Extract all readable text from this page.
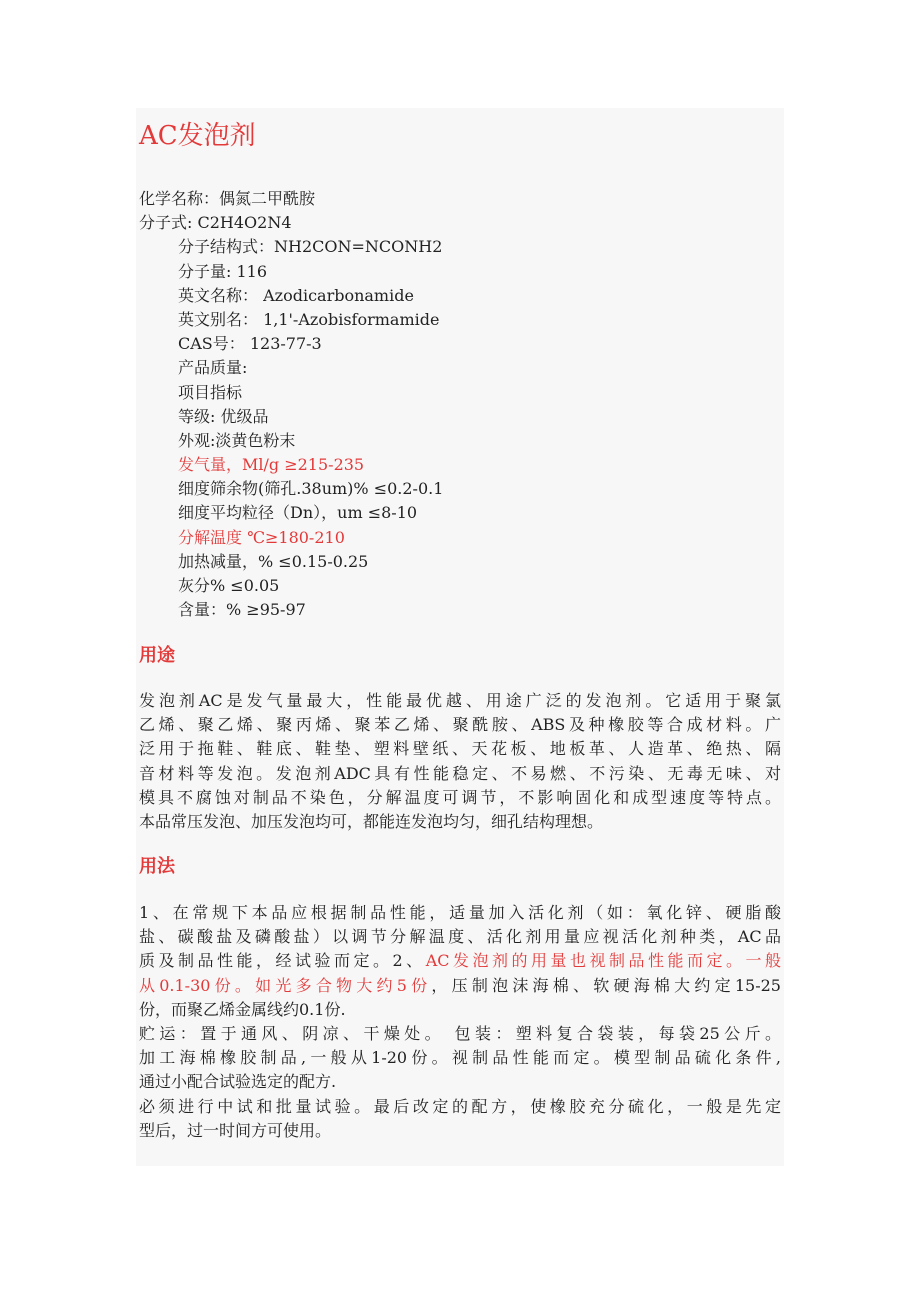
AC发泡剂
化学名称：偶氮二甲酰胺
分子式: C2H4O2N4
分子结构式：NH2CON=NCONH2
分子量: 116
英文名称： Azodicarbonamide
英文别名： 1,1'-Azobisformamide
CAS号： 123-77-3
产品质量:
项目指标
等级: 优级品
外观:淡黄色粉末
发气量，Ml/g ≥215-235
细度筛余物(筛孔.38um)% ≤0.2-0.1
细度平均粒径（Dn），um ≤8-10
分解温度 ℃≥180-210
加热减量，% ≤0.15-0.25
灰分% ≤0.05
含量：% ≥95-97
用途
发泡剂AC是发气量最大，性能最优越、用途广泛的发泡剂。它适用于聚氯
乙烯、聚乙烯、聚丙烯、聚苯乙烯、聚酰胺、ABS及种橡胶等合成材料。广
泛用于拖鞋、鞋底、鞋垫、塑料壁纸、天花板、地板革、人造革、绝热、隔
音材料等发泡。发泡剂ADC具有性能稳定、不易燃、不污染、无毒无味、对
模具不腐蚀对制品不染色，分解温度可调节，不影响固化和成型速度等特点。
本品常压发泡、加压发泡均可，都能连发泡均匀，细孔结构理想。
用法
1、在常规下本品应根据制品性能，适量加入活化剂（如：氧化锌、硬脂酸
盐、碳酸盐及磷酸盐）以调节分解温度、活化剂用量应视活化剂种类，AC品
质及制品性能，经试验而定。2、AC发泡剂的用量也视制品性能而定。一般
从0.1-30份。如光多合物大约5份，压制泡沫海棉、软硬海棉大约定15-25
份，而聚乙烯金属线约0.1份.
贮运：置于通风、阴凉、干燥处。 包装：塑料复合袋装，每袋25公斤。
加工海棉橡胶制品,一般从1-20份。视制品性能而定。模型制品硫化条件,
通过小配合试验选定的配方.
必须进行中试和批量试验。最后改定的配方，使橡胶充分硫化，一般是先定
型后，过一时间方可使用。
